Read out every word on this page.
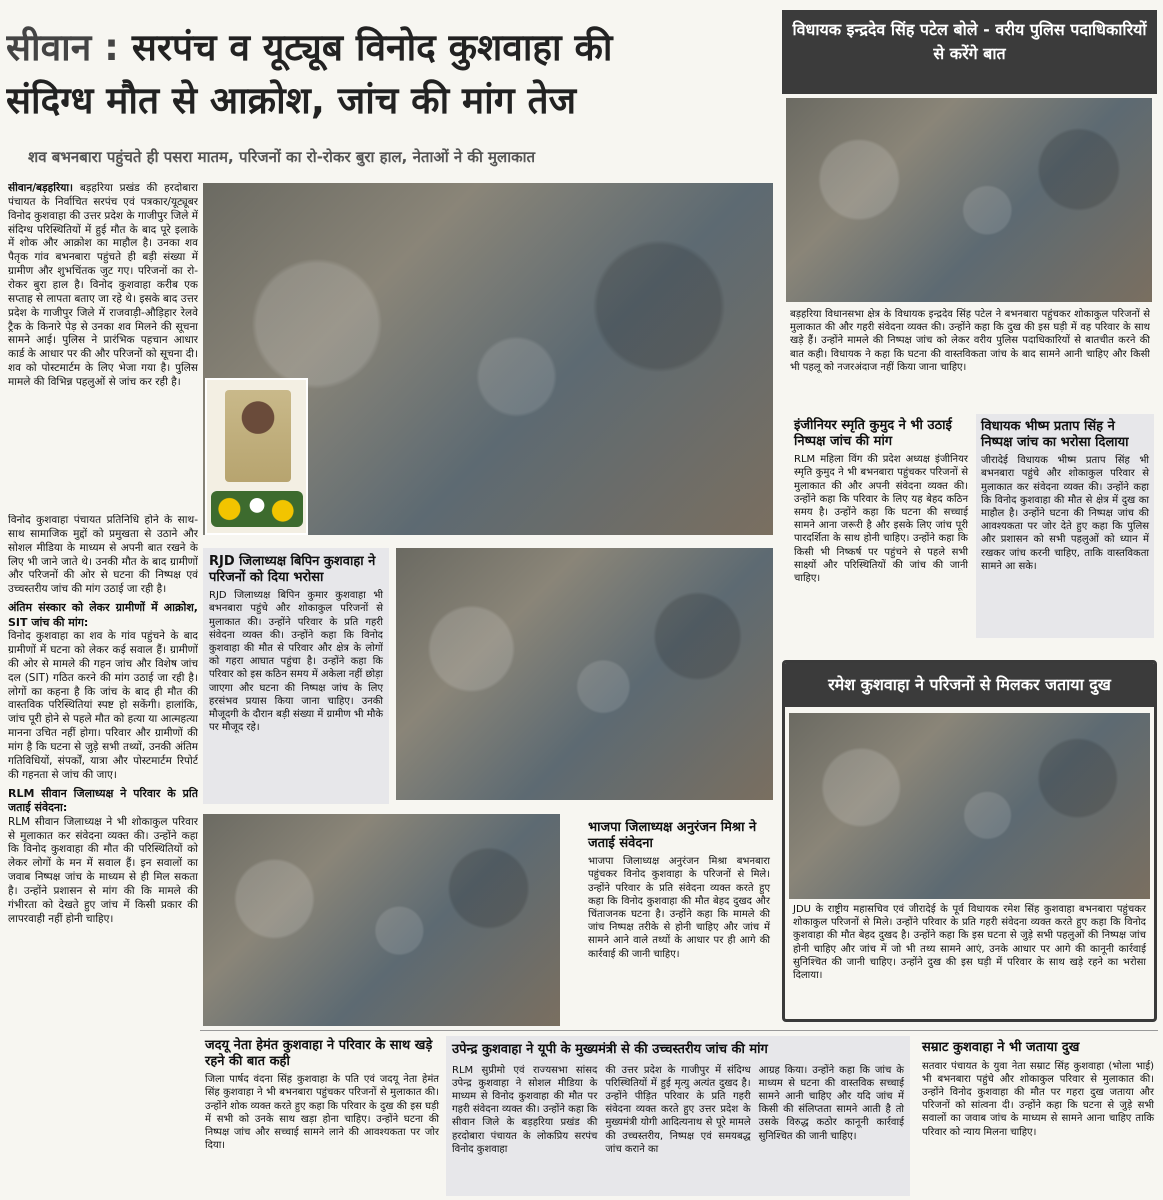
सीवान : सरपंच व यूट्यूब विनोद कुशवाहा की
संदिग्ध मौत से आक्रोश, जांच की मांग तेज
शव बभनबारा पहुंचते ही पसरा मातम, परिजनों का रो-रोकर बुरा हाल, नेताओं ने की मुलाकात
सीवान/बड़हरिया। बड़हरिया प्रखंड की हरदोबारा पंचायत के निर्वाचित सरपंच एवं पत्रकार/यूट्यूबर विनोद कुशवाहा की उत्तर प्रदेश के गाजीपुर जिले में संदिग्ध परिस्थितियों में हुई मौत के बाद पूरे इलाके में शोक और आक्रोश का माहौल है। उनका शव पैतृक गांव बभनबारा पहुंचते ही बड़ी संख्या में ग्रामीण और शुभचिंतक जुट गए। परिजनों का रो-रोकर बुरा हाल है। विनोद कुशवाहा करीब एक सप्ताह से लापता बताए जा रहे थे। इसके बाद उत्तर प्रदेश के गाजीपुर जिले में राजवाड़ी-औड़िहार रेलवे ट्रैक के किनारे पेड़ से उनका शव मिलने की सूचना सामने आई। पुलिस ने प्रारंभिक पहचान आधार कार्ड के आधार पर की और परिजनों को सूचना दी। शव को पोस्टमार्टम के लिए भेजा गया है। पुलिस मामले की विभिन्न पहलुओं से जांच कर रही है।
विनोद कुशवाहा पंचायत प्रतिनिधि होने के साथ-साथ सामाजिक मुद्दों को प्रमुखता से उठाने और सोशल मीडिया के माध्यम से अपनी बात रखने के लिए भी जाने जाते थे। उनकी मौत के बाद ग्रामीणों और परिजनों की ओर से घटना की निष्पक्ष एवं उच्चस्तरीय जांच की मांग उठाई जा रही है।
अंतिम संस्कार को लेकर ग्रामीणों में आक्रोश, SIT जांच की मांग:
विनोद कुशवाहा का शव के गांव पहुंचने के बाद ग्रामीणों में घटना को लेकर कई सवाल हैं। ग्रामीणों की ओर से मामले की गहन जांच और विशेष जांच दल (SIT) गठित करने की मांग उठाई जा रही है। लोगों का कहना है कि जांच के बाद ही मौत की वास्तविक परिस्थितियां स्पष्ट हो सकेंगी। हालांकि, जांच पूरी होने से पहले मौत को हत्या या आत्महत्या मानना उचित नहीं होगा। परिवार और ग्रामीणों की मांग है कि घटना से जुड़े सभी तथ्यों, उनकी अंतिम गतिविधियों, संपर्कों, यात्रा और पोस्टमार्टम रिपोर्ट की गहनता से जांच की जाए।
RLM सीवान जिलाध्यक्ष ने परिवार के प्रति जताई संवेदना:
RLM सीवान जिलाध्यक्ष ने भी शोकाकुल परिवार से मुलाकात कर संवेदना व्यक्त की। उन्होंने कहा कि विनोद कुशवाहा की मौत की परिस्थितियों को लेकर लोगों के मन में सवाल हैं। इन सवालों का जवाब निष्पक्ष जांच के माध्यम से ही मिल सकता है। उन्होंने प्रशासन से मांग की कि मामले की गंभीरता को देखते हुए जांच में किसी प्रकार की लापरवाही नहीं होनी चाहिए।
RJD जिलाध्यक्ष बिपिन कुशवाहा ने परिजनों को दिया भरोसा
RJD जिलाध्यक्ष बिपिन कुमार कुशवाहा भी बभनबारा पहुंचे और शोकाकुल परिजनों से मुलाकात की। उन्होंने परिवार के प्रति गहरी संवेदना व्यक्त की। उन्होंने कहा कि विनोद कुशवाहा की मौत से परिवार और क्षेत्र के लोगों को गहरा आघात पहुंचा है। उन्होंने कहा कि परिवार को इस कठिन समय में अकेला नहीं छोड़ा जाएगा और घटना की निष्पक्ष जांच के लिए हरसंभव प्रयास किया जाना चाहिए। उनकी मौजूदगी के दौरान बड़ी संख्या में ग्रामीण भी मौके पर मौजूद रहे।
भाजपा जिलाध्यक्ष अनुरंजन मिश्रा ने जताई संवेदना
भाजपा जिलाध्यक्ष अनुरंजन मिश्रा बभनबारा पहुंचकर विनोद कुशवाहा के परिजनों से मिले। उन्होंने परिवार के प्रति संवेदना व्यक्त करते हुए कहा कि विनोद कुशवाहा की मौत बेहद दुखद और चिंताजनक घटना है। उन्होंने कहा कि मामले की जांच निष्पक्ष तरीके से होनी चाहिए और जांच में सामने आने वाले तथ्यों के आधार पर ही आगे की कार्रवाई की जानी चाहिए।
विधायक इन्द्रदेव सिंह पटेल बोले - वरीय पुलिस पदाधिकारियों से करेंगे बात
बड़हरिया विधानसभा क्षेत्र के विधायक इन्द्रदेव सिंह पटेल ने बभनबारा पहुंचकर शोकाकुल परिजनों से मुलाकात की और गहरी संवेदना व्यक्त की। उन्होंने कहा कि दुख की इस घड़ी में वह परिवार के साथ खड़े हैं। उन्होंने मामले की निष्पक्ष जांच को लेकर वरीय पुलिस पदाधिकारियों से बातचीत करने की बात कही। विधायक ने कहा कि घटना की वास्तविकता जांच के बाद सामने आनी चाहिए और किसी भी पहलू को नजरअंदाज नहीं किया जाना चाहिए।
इंजीनियर स्मृति कुमुद ने भी उठाई निष्पक्ष जांच की मांग
RLM महिला विंग की प्रदेश अध्यक्ष इंजीनियर स्मृति कुमुद ने भी बभनबारा पहुंचकर परिजनों से मुलाकात की और अपनी संवेदना व्यक्त की। उन्होंने कहा कि परिवार के लिए यह बेहद कठिन समय है। उन्होंने कहा कि घटना की सच्चाई सामने आना जरूरी है और इसके लिए जांच पूरी पारदर्शिता के साथ होनी चाहिए। उन्होंने कहा कि किसी भी निष्कर्ष पर पहुंचने से पहले सभी साक्ष्यों और परिस्थितियों की जांच की जानी चाहिए।
विधायक भीष्म प्रताप सिंह ने निष्पक्ष जांच का भरोसा दिलाया
जीरादेई विधायक भीष्म प्रताप सिंह भी बभनबारा पहुंचे और शोकाकुल परिवार से मुलाकात कर संवेदना व्यक्त की। उन्होंने कहा कि विनोद कुशवाहा की मौत से क्षेत्र में दुख का माहौल है। उन्होंने घटना की निष्पक्ष जांच की आवश्यकता पर जोर देते हुए कहा कि पुलिस और प्रशासन को सभी पहलुओं को ध्यान में रखकर जांच करनी चाहिए, ताकि वास्तविकता सामने आ सके।
रमेश कुशवाहा ने परिजनों से मिलकर जताया दुख
JDU के राष्ट्रीय महासचिव एवं जीरादेई के पूर्व विधायक रमेश सिंह कुशवाहा बभनबारा पहुंचकर शोकाकुल परिजनों से मिले। उन्होंने परिवार के प्रति गहरी संवेदना व्यक्त करते हुए कहा कि विनोद कुशवाहा की मौत बेहद दुखद है। उन्होंने कहा कि इस घटना से जुड़े सभी पहलुओं की निष्पक्ष जांच होनी चाहिए और जांच में जो भी तथ्य सामने आएं, उनके आधार पर आगे की कानूनी कार्रवाई सुनिश्चित की जानी चाहिए। उन्होंने दुख की इस घड़ी में परिवार के साथ खड़े रहने का भरोसा दिलाया।
जदयू नेता हेमंत कुशवाहा ने परिवार के साथ खड़े रहने की बात कही
जिला पार्षद वंदना सिंह कुशवाहा के पति एवं जदयू नेता हेमंत सिंह कुशवाहा ने भी बभनबारा पहुंचकर परिजनों से मुलाकात की। उन्होंने शोक व्यक्त करते हुए कहा कि परिवार के दुख की इस घड़ी में सभी को उनके साथ खड़ा होना चाहिए। उन्होंने घटना की निष्पक्ष जांच और सच्चाई सामने लाने की आवश्यकता पर जोर दिया।
उपेन्द्र कुशवाहा ने यूपी के मुख्यमंत्री से की उच्चस्तरीय जांच की मांग
RLM सुप्रीमो एवं राज्यसभा सांसद उपेन्द्र कुशवाहा ने सोशल मीडिया के माध्यम से विनोद कुशवाहा की मौत पर गहरी संवेदना व्यक्त की। उन्होंने कहा कि सीवान जिले के बड़हरिया प्रखंड की हरदोबारा पंचायत के लोकप्रिय सरपंच विनोद कुशवाहा
की उत्तर प्रदेश के गाजीपुर में संदिग्ध परिस्थितियों में हुई मृत्यु अत्यंत दुखद है। उन्होंने पीड़ित परिवार के प्रति गहरी संवेदना व्यक्त करते हुए उत्तर प्रदेश के मुख्यमंत्री योगी आदित्यनाथ से पूरे मामले की उच्चस्तरीय, निष्पक्ष एवं समयबद्ध जांच कराने का
आग्रह किया। उन्होंने कहा कि जांच के माध्यम से घटना की वास्तविक सच्चाई सामने आनी चाहिए और यदि जांच में किसी की संलिप्तता सामने आती है तो उसके विरुद्ध कठोर कानूनी कार्रवाई सुनिश्चित की जानी चाहिए।
सम्राट कुशवाहा ने भी जताया दुख
सतवार पंचायत के युवा नेता सम्राट सिंह कुशवाहा (भोला भाई) भी बभनबारा पहुंचे और शोकाकुल परिवार से मुलाकात की। उन्होंने विनोद कुशवाहा की मौत पर गहरा दुख जताया और परिजनों को सांत्वना दी। उन्होंने कहा कि घटना से जुड़े सभी सवालों का जवाब जांच के माध्यम से सामने आना चाहिए ताकि परिवार को न्याय मिलना चाहिए।
